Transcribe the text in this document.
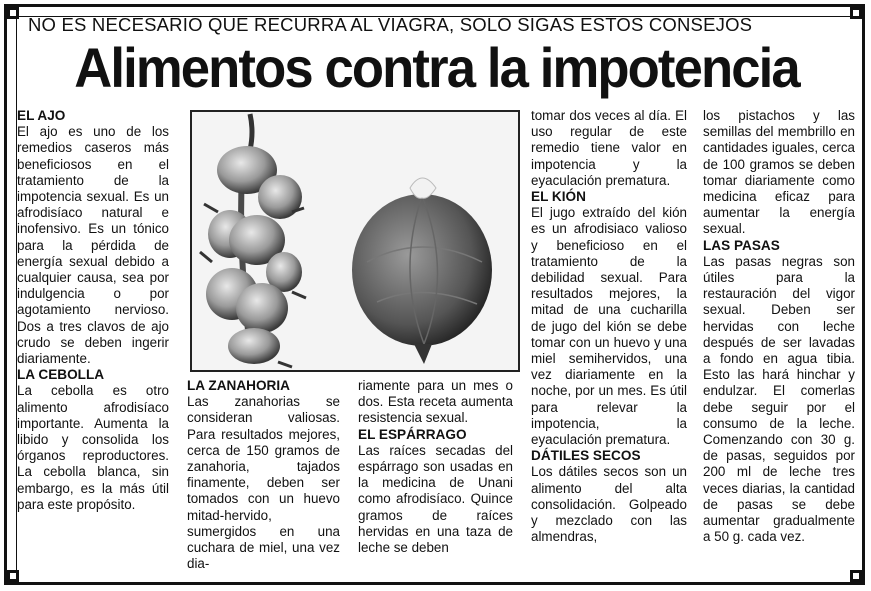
NO ES NECESARIO QUE RECURRA AL VIAGRA, SOLO SIGAS ESTOS CONSEJOS
Alimentos contra la impotencia
EL AJO

El ajo es uno de los remedios caseros más beneficiosos en el tratamiento de la impotencia sexual. Es un afrodisíaco natural e inofensivo. Es un tónico para la pérdida de energía sexual debido a cualquier causa, sea por indulgencia o por agotamiento nervioso. Dos a tres clavos de ajo crudo se deben ingerir diariamente.

LA CEBOLLA

La cebolla es otro alimento afrodisíaco importante. Aumenta la libido y consolida los órganos reproductores. La cebolla blanca, sin embargo, es la más útil para este propósito.

LA ZANAHORIA

Las zanahorias se consideran valiosas. Para resultados mejores, cerca de 150 gramos de zanahoria, tajados finamente, deben ser tomados con un huevo mitad-hervido, sumergidos en una cuchara de miel, una vez dia-

riamente para un mes o dos. Esta receta aumenta resistencia sexual.

EL ESPÁRRAGO

Las raíces secadas del espárrago son usadas en la medicina de Unani como afrodisíaco. Quince gramos de raíces hervidas en una taza de leche se deben

tomar dos veces al día. El uso regular de este remedio tiene valor en impotencia y la eyaculación prematura.

EL KIÓN

El jugo extraído del kión es un afrodisiaco valioso y beneficioso en el tratamiento de la debilidad sexual. Para resultados mejores, la mitad de una cucharilla de jugo del kión se debe tomar con un huevo y una miel semihervidos, una vez diariamente en la noche, por un mes. Es útil para relevar la impotencia, la eyaculación prematura.

DÁTILES SECOS

Los dátiles secos son un alimento del alta consolidación. Golpeado y mezclado con las almendras,

los pistachos y las semillas del membrillo en cantidades iguales, cerca de 100 gramos se deben tomar diariamente como medicina eficaz para aumentar la energía sexual.

LAS PASAS

Las pasas negras son útiles para la restauración del vigor sexual. Deben ser hervidas con leche después de ser lavadas a fondo en agua tibia. Esto las hará hinchar y endulzar. El comerlas debe seguir por el consumo de la leche. Comenzando con 30 g. de pasas, seguidos por 200 ml de leche tres veces diarias, la cantidad de pasas se debe aumentar gradualmente a 50 g. cada vez.
